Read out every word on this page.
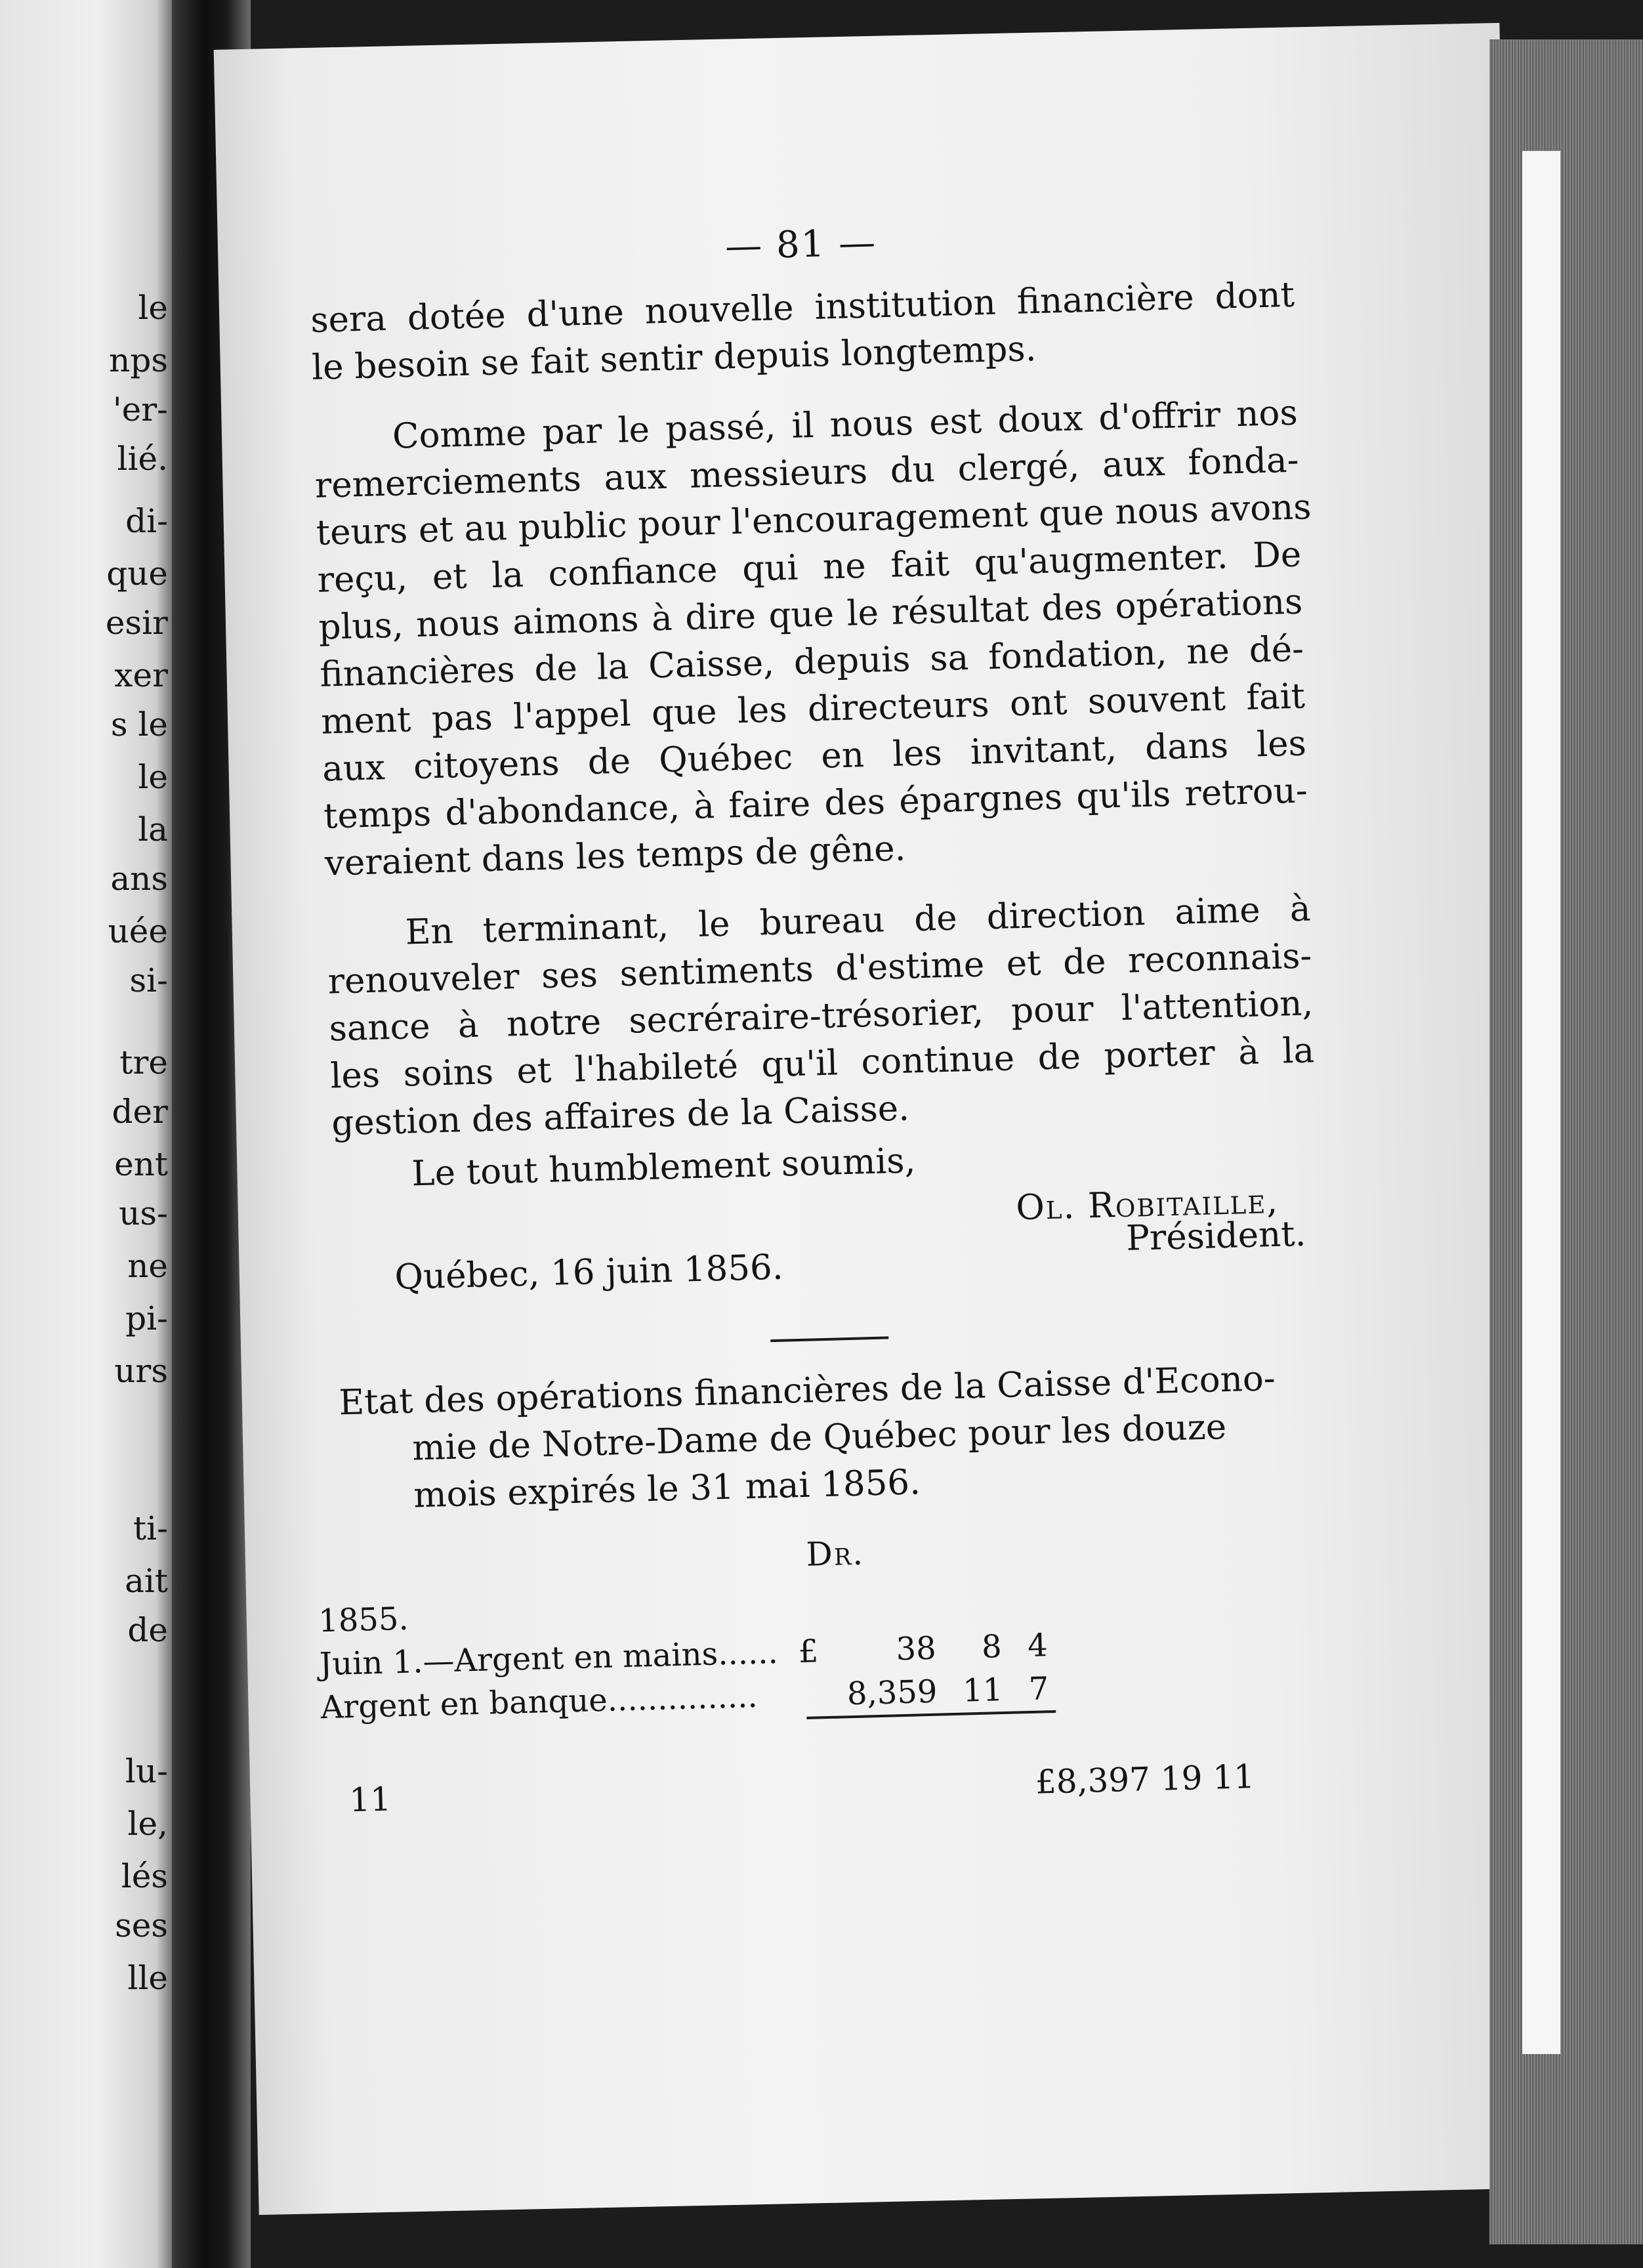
le
nps
'er-
lié.
di-
que
esir
xer
s le
le
la
ans
uée
si-
tre
der
ent
us-
ne
pi-
urs
ti-
ait
de
lu-
le,
lés
ses
lle
— 81 —
sera dotée d'une nouvelle institution financière dont
le besoin se fait sentir depuis longtemps.
Comme par le passé, il nous est doux d'offrir nos
remerciements aux messieurs du clergé, aux fonda-
teurs et au public pour l'encouragement que nous avons
reçu, et la confiance qui ne fait qu'augmenter. De
plus, nous aimons à dire que le résultat des opérations
financières de la Caisse, depuis sa fondation, ne dé-
ment pas l'appel que les directeurs ont souvent fait
aux citoyens de Québec en les invitant, dans les
temps d'abondance, à faire des épargnes qu'ils retrou-
veraient dans les temps de gêne.
En terminant, le bureau de direction aime à
renouveler ses sentiments d'estime et de reconnais-
sance à notre secréraire-trésorier, pour l'attention,
les soins et l'habileté qu'il continue de porter à la
gestion des affaires de la Caisse.
Le tout humblement soumis,
Ol. Robitaille,
Québec, 16 juin 1856.
Président.
Etat des opérations financières de la Caisse d'Econo-
mie de Notre-Dame de Québec pour les douze
mois expirés le 31 mai 1856.
Dr.
1855.
Juin 1.—Argent en mains...... £	38	8 4
Argent en banque...............	8,359 11 7
11	£8,397 19 11
